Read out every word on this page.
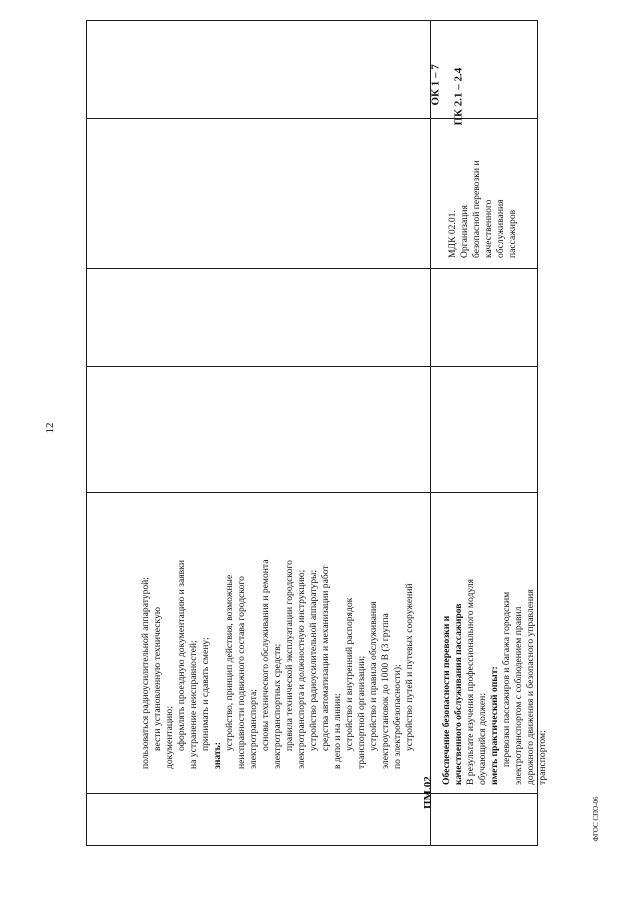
12
пользоваться радиоусилительной аппаратурой; вести установленную техническую документацию; оформлять проездную документацию и заявки на устранение неисправностей; принимать и сдавать смену;
знать:
устройство, принцип действия, возможные неисправности подвижного состава городского электротранспорта; основы технического обслуживания и ремонта электротранспортных средств; правила технической эксплуатации городского электротранспорта и должностную инструкцию; устройство радиоусилительной аппаратуры; средства автоматизации и механизации работ в депо и на линии; устройство и внутренний распорядок транспортной организации; устройство и правила обслуживания электроустановок до 1000 В (3 группа по электробезопасности); устройство путей и путевых сооружений
ПМ.02
Обеспечение безопасности перевозки и качественного обслуживания пассажиров В результате изучения профессионального модуля обучающийся должен: иметь практический опыт: перевозки пассажиров и багажа городским электротранспортом с соблюдением правил дорожного движения и безопасного управления транспортом;
МДК 02.01. Организация безопасной перевозки и качественного обслуживания пассажиров
ОК 1 – 7 ПК 2.1 – 2.4
ФГОС СПО-06
